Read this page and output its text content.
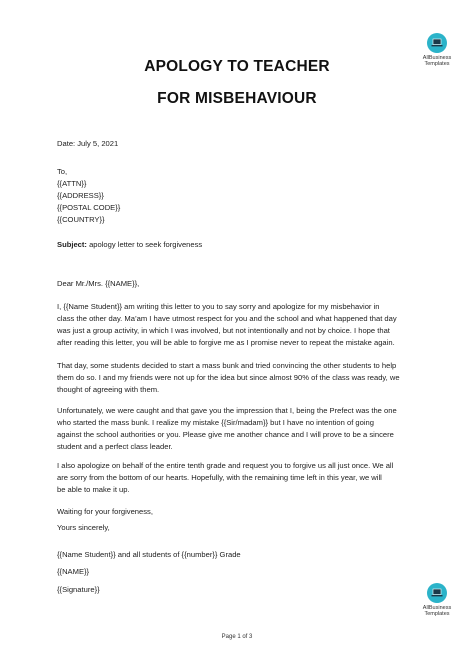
AllBusiness
Templates
APOLOGY TO TEACHER
FOR MISBEHAVIOUR
Date: July 5, 2021
To,
{{ATTN}}
{{ADDRESS}}
{{POSTAL CODE}}
{{COUNTRY}}
Subject: apology letter to seek forgiveness
Dear Mr./Mrs. {{NAME}},
I, {{Name Student}} am writing this letter to you to say sorry and apologize for my misbehavior in
class the other day. Ma’am I have utmost respect for you and the school and what happened that day
was just a group activity, in which I was involved, but not intentionally and not by choice. I hope that
after reading this letter, you will be able to forgive me as I promise never to repeat the mistake again.
That day, some students decided to start a mass bunk and tried convincing the other students to help
them do so. I and my friends were not up for the idea but since almost 90% of the class was ready, we
thought of agreeing with them.
Unfortunately, we were caught and that gave you the impression that I, being the Prefect was the one
who started the mass bunk. I realize my mistake {{Sir/madam}} but I have no intention of going
against the school authorities or you. Please give me another chance and I will prove to be a sincere
student and a perfect class leader.
I also apologize on behalf of the entire tenth grade and request you to forgive us all just once. We all
are sorry from the bottom of our hearts. Hopefully, with the remaining time left in this year, we will
be able to make it up.
Waiting for your forgiveness,
Yours sincerely,
{{Name Student}} and all students of {{number}} Grade
{{NAME}}
{{Signature}}
AllBusiness
Templates
Page 1 of 3
